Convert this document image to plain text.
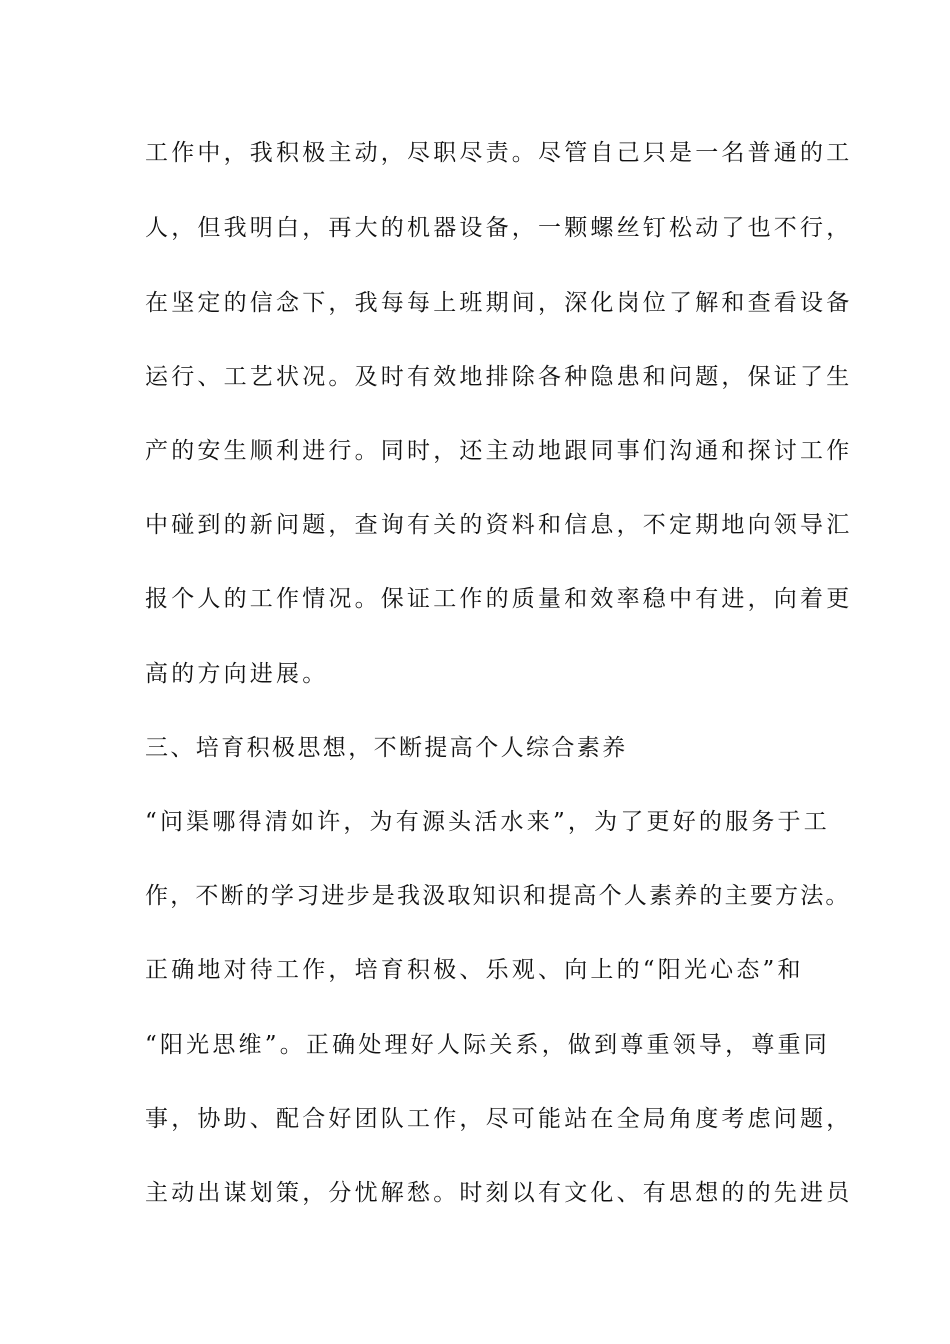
工作中，我积极主动，尽职尽责。尽管自己只是一名普通的工
人，但我明白，再大的机器设备，一颗螺丝钉松动了也不行，
在坚定的信念下，我每每上班期间，深化岗位了解和查看设备
运行、工艺状况。及时有效地排除各种隐患和问题，保证了生
产的安生顺利进行。同时，还主动地跟同事们沟通和探讨工作
中碰到的新问题，查询有关的资料和信息，不定期地向领导汇
报个人的工作情况。保证工作的质量和效率稳中有进，向着更
高的方向进展。
三、培育积极思想，不断提高个人综合素养
“问渠哪得清如许，为有源头活水来”，为了更好的服务于工
作，不断的学习进步是我汲取知识和提高个人素养的主要方法。
正确地对待工作，培育积极、乐观、向上的“阳光心态”和
“阳光思维”。正确处理好人际关系，做到尊重领导，尊重同
事，协助、配合好团队工作，尽可能站在全局角度考虑问题，
主动出谋划策，分忧解愁。时刻以有文化、有思想的的先进员
